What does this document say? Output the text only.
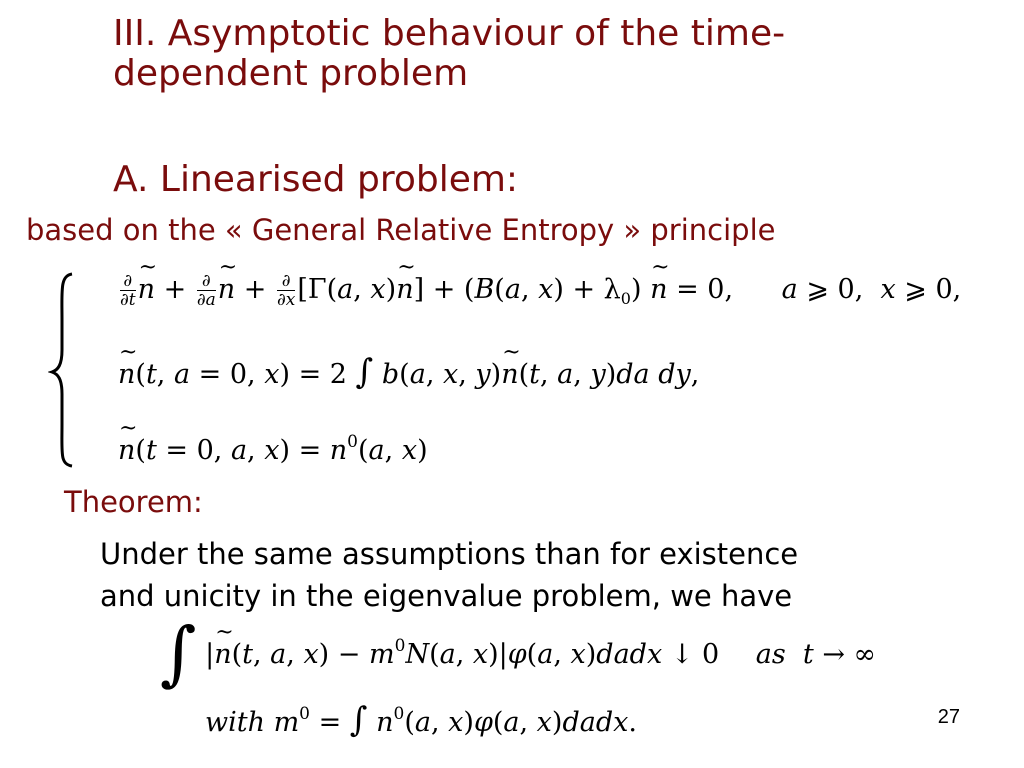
III. Asymptotic behaviour of the time-
dependent problem
A. Linearised problem:
based on the « General Relative Entropy » principle
$\frac{\partial}{\partial t}$ ~ $n + \frac{\partial}{\partial a}$ ~ $n + \frac{\partial}{\partial x} [\Gamma(a$, x)~ n] + (B(a, $x) + \lambda_0$) ~ n = 0, a ⩾ 0,  x ⩾ 0,
~ n(t, a = 0, x) = 2 ∫ b(a, x, y)~ n(t, a, y)da dy,
~ n(t = 0, a, $x) = n^0(a$, x)
Theorem:
Under the same assumptions than for existence
and unicity in the eigenvalue problem, we have
∫ |~ n(t, a, $x) - m^0N(a$, x)|φ(a, x)dadx ↓ 0 as t → ∞
with $m^0$ = ∫ $n^0(a$, x)φ(a, x)dadx.	27
